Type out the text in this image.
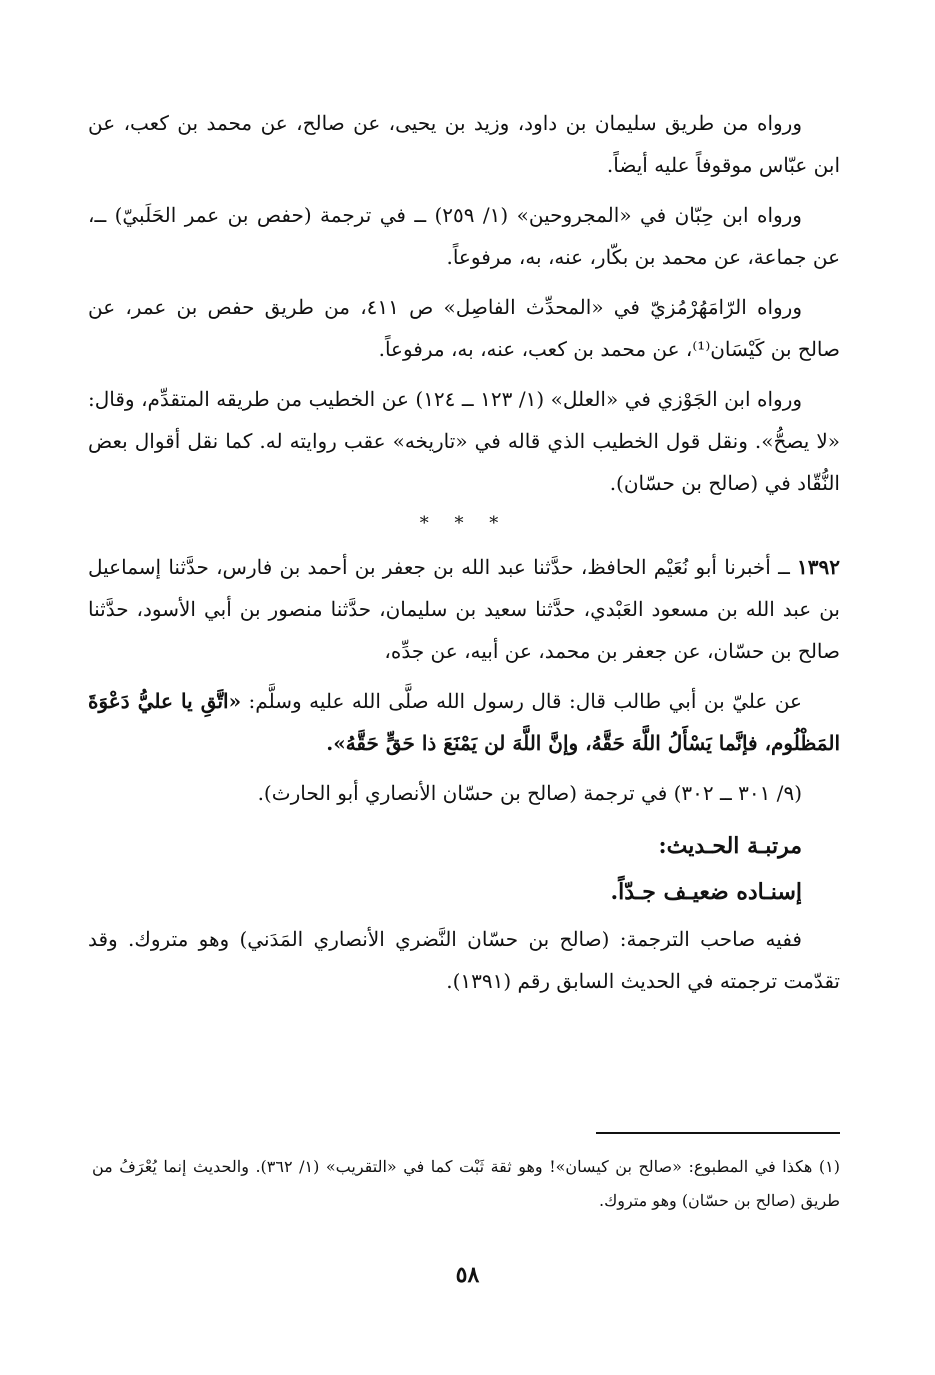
ورواه من طريق سليمان بن داود، وزيد بن يحيى، عن صالح، عن محمد بن كعب، عن ابن عبّاس موقوفاً عليه أيضاً.

ورواه ابن حِبّان في «المجروحين» (١/ ٢٥٩) ــ في ترجمة (حفص بن عمر الحَلَبيّ) ــ، عن جماعة، عن محمد بن بكّار، عنه، به، مرفوعاً.

ورواه الرّامَهُرْمُزيّ في «المحدِّث الفاصِل» ص ٤١١، من طريق حفص بن عمر، عن صالح بن كَيْسَان⁽¹⁾، عن محمد بن كعب، عنه، به، مرفوعاً.

ورواه ابن الجَوْزي في «العلل» (١/ ١٢٣ ــ ١٢٤) عن الخطيب من طريقه المتقدِّم، وقال: «لا يصحُّ». ونقل قول الخطيب الذي قاله في «تاريخه» عقب روايته له. كما نقل أقوال بعض النُّقّاد في (صالح بن حسّان).

* * *

١٣٩٢ ــ أخبرنا أبو نُعَيْم الحافظ، حدَّثنا عبد الله بن جعفر بن أحمد بن فارس، حدَّثنا إسماعيل بن عبد الله بن مسعود العَبْدي، حدَّثنا سعيد بن سليمان، حدَّثنا منصور بن أبي الأسود، حدَّثنا صالح بن حسّان، عن جعفر بن محمد، عن أبيه، عن جدِّه،

عن عليّ بن أبي طالب قال: قال رسول الله صلَّى الله عليه وسلَّم: «اتَّقِ يا عليُّ دَعْوَةَ المَظْلُوم، فإنَّما يَسْأَلُ اللَّهَ حَقَّهُ، وإنَّ اللَّهَ لن يَمْنَعَ ذا حَقٍّ حَقَّهُ».

(٩/ ٣٠١ ــ ٣٠٢) في ترجمة (صالح بن حسّان الأنصاري أبو الحارث).

مرتبـة الحـديث:
إسنـاده ضعيـف جـدّاً.

ففيه صاحب الترجمة: (صالح بن حسّان النَّضري الأنصاري المَدَني) وهو متروك. وقد تقدّمت ترجمته في الحديث السابق رقم (١٣٩١).

(١) هكذا في المطبوع: «صالح بن كيسان»! وهو ثقة ثَبْت كما في «التقريب» (١/ ٣٦٢). والحديث إنما يُعْرَفُ من طريق (صالح بن حسّان) وهو متروك.
٥٨
